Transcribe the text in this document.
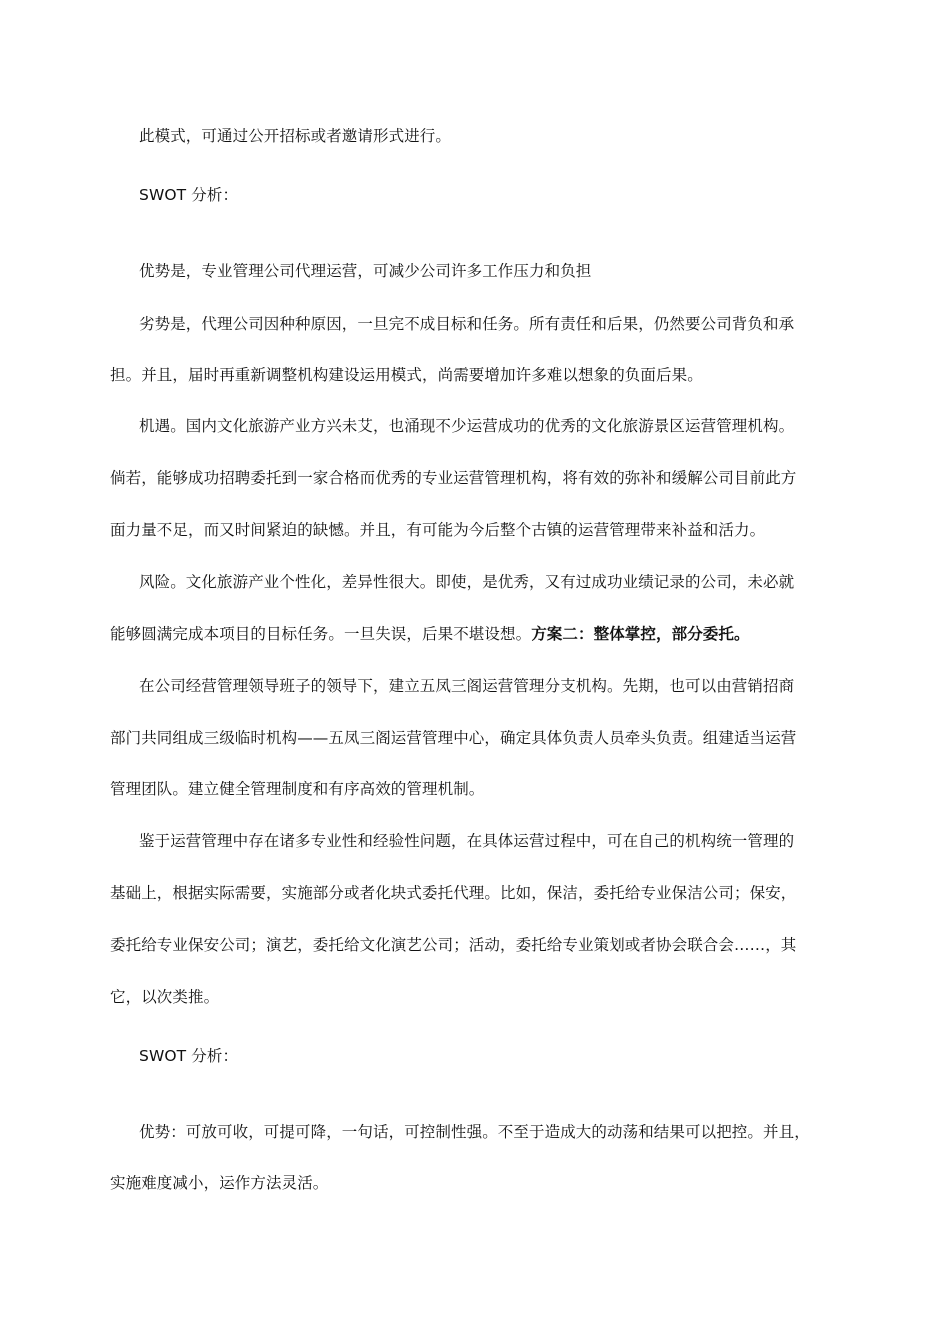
此模式，可通过公开招标或者邀请形式进行。
SWOT 分析：
优势是，专业管理公司代理运营，可减少公司许多工作压力和负担
劣势是，代理公司因种种原因，一旦完不成目标和任务。所有责任和后果，仍然要公司背负和承
担。并且，届时再重新调整机构建设运用模式，尚需要增加许多难以想象的负面后果。
机遇。国内文化旅游产业方兴未艾，也涌现不少运营成功的优秀的文化旅游景区运营管理机构。
倘若，能够成功招聘委托到一家合格而优秀的专业运营管理机构，将有效的弥补和缓解公司目前此方
面力量不足，而又时间紧迫的缺憾。并且，有可能为今后整个古镇的运营管理带来补益和活力。
风险。文化旅游产业个性化，差异性很大。即使，是优秀，又有过成功业绩记录的公司，未必就
能够圆满完成本项目的目标任务。一旦失误，后果不堪设想。方案二：整体掌控，部分委托。
在公司经营管理领导班子的领导下，建立五凤三阁运营管理分支机构。先期，也可以由营销招商
部门共同组成三级临时机构——五凤三阁运营管理中心，确定具体负责人员牵头负责。组建适当运营
管理团队。建立健全管理制度和有序高效的管理机制。
鉴于运营管理中存在诸多专业性和经验性问题，在具体运营过程中，可在自己的机构统一管理的
基础上，根据实际需要，实施部分或者化块式委托代理。比如，保洁，委托给专业保洁公司；保安，
委托给专业保安公司；演艺，委托给文化演艺公司；活动，委托给专业策划或者协会联合会……，其
它，以次类推。
SWOT 分析：
优势：可放可收，可提可降，一句话，可控制性强。不至于造成大的动荡和结果可以把控。并且，
实施难度减小，运作方法灵活。
